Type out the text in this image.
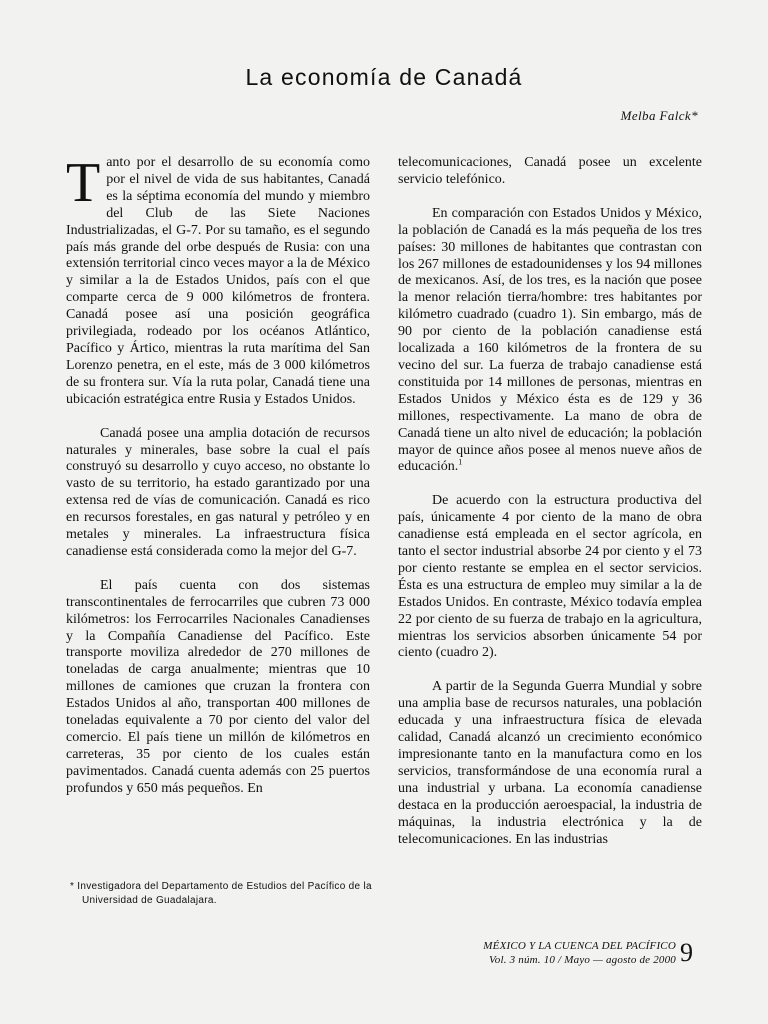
La economía de Canadá
Melba Falck*

Tanto por el desarrollo de su economía como por el nivel de vida de sus habitantes, Canadá es la séptima economía del mundo y miembro del Club de las Siete Naciones Industrializadas, el G-7. Por su tamaño, es el segundo país más grande del orbe después de Rusia: con una extensión territorial cinco veces mayor a la de México y similar a la de Estados Unidos, país con el que comparte cerca de 9 000 kilómetros de frontera. Canadá posee así una posición geográfica privilegiada, rodeado por los océanos Atlántico, Pacífico y Ártico, mientras la ruta marítima del San Lorenzo penetra, en el este, más de 3 000 kilómetros de su frontera sur. Vía la ruta polar, Canadá tiene una ubicación estratégica entre Rusia y Estados Unidos.

Canadá posee una amplia dotación de recursos naturales y minerales, base sobre la cual el país construyó su desarrollo y cuyo acceso, no obstante lo vasto de su territorio, ha estado garantizado por una extensa red de vías de comunicación. Canadá es rico en recursos forestales, en gas natural y petróleo y en metales y minerales. La infraestructura física canadiense está considerada como la mejor del G-7.

El país cuenta con dos sistemas transcontinentales de ferrocarriles que cubren 73 000 kilómetros: los Ferrocarriles Nacionales Canadienses y la Compañía Canadiense del Pacífico. Este transporte moviliza alrededor de 270 millones de toneladas de carga anualmente; mientras que 10 millones de camiones que cruzan la frontera con Estados Unidos al año, transportan 400 millones de toneladas equivalente a 70 por ciento del valor del comercio. El país tiene un millón de kilómetros en carreteras, 35 por ciento de los cuales están pavimentados. Canadá cuenta además con 25 puertos profundos y 650 más pequeños. En

telecomunicaciones, Canadá posee un excelente servicio telefónico.

En comparación con Estados Unidos y México, la población de Canadá es la más pequeña de los tres países: 30 millones de habitantes que contrastan con los 267 millones de estadounidenses y los 94 millones de mexicanos. Así, de los tres, es la nación que posee la menor relación tierra/hombre: tres habitantes por kilómetro cuadrado (cuadro 1). Sin embargo, más de 90 por ciento de la población canadiense está localizada a 160 kilómetros de la frontera de su vecino del sur. La fuerza de trabajo canadiense está constituida por 14 millones de personas, mientras en Estados Unidos y México ésta es de 129 y 36 millones, respectivamente. La mano de obra de Canadá tiene un alto nivel de educación; la población mayor de quince años posee al menos nueve años de educación.$^1$

De acuerdo con la estructura productiva del país, únicamente 4 por ciento de la mano de obra canadiense está empleada en el sector agrícola, en tanto el sector industrial absorbe 24 por ciento y el 73 por ciento restante se emplea en el sector servicios. Ésta es una estructura de empleo muy similar a la de Estados Unidos. En contraste, México todavía emplea 22 por ciento de su fuerza de trabajo en la agricultura, mientras los servicios absorben únicamente 54 por ciento (cuadro 2).

A partir de la Segunda Guerra Mundial y sobre una amplia base de recursos naturales, una población educada y una infraestructura física de elevada calidad, Canadá alcanzó un crecimiento económico impresionante tanto en la manufactura como en los servicios, transformándose de una economía rural a una industrial y urbana. La economía canadiense destaca en la producción aeroespacial, la industria de máquinas, la industria electrónica y la de telecomunicaciones. En las industrias

* Investigadora del Departamento de Estudios del Pacífico de la Universidad de Guadalajara.
MÉXICO Y LA CUENCA DEL PACÍFICO
Vol. 3 núm. 10 / Mayo — agosto de 2000 9
